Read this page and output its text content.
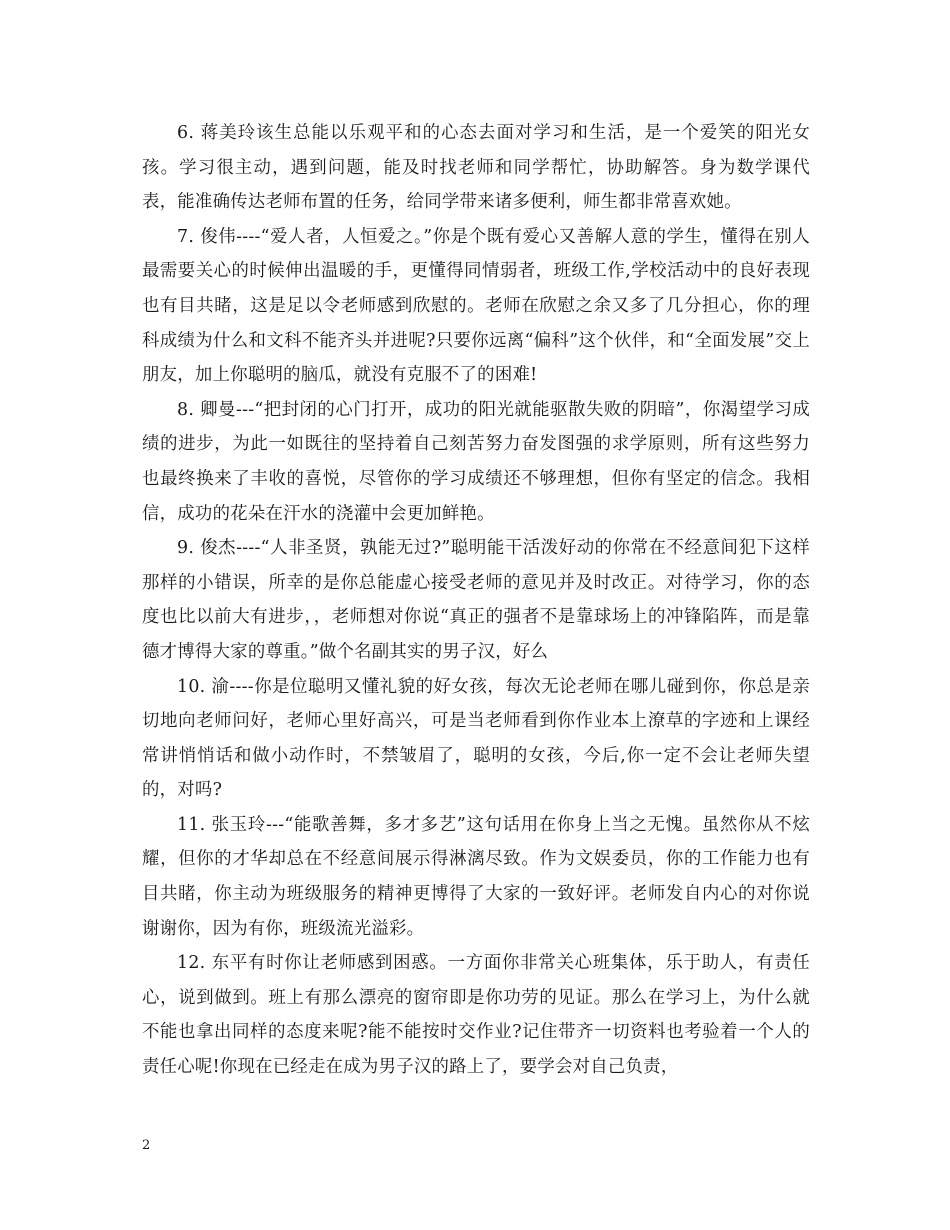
6. 蒋美玲该生总能以乐观平和的心态去面对学习和生活，是一个爱笑的阳光女孩。学习很主动，遇到问题，能及时找老师和同学帮忙，协助解答。身为数学课代表，能准确传达老师布置的任务，给同学带来诸多便利，师生都非常喜欢她。

7. 俊伟----“爱人者，人恒爱之。”你是个既有爱心又善解人意的学生，懂得在别人最需要关心的时候伸出温暖的手，更懂得同情弱者，班级工作,学校活动中的良好表现也有目共睹，这是足以令老师感到欣慰的。老师在欣慰之余又多了几分担心，你的理科成绩为什么和文科不能齐头并进呢?只要你远离“偏科”这个伙伴，和“全面发展”交上朋友，加上你聪明的脑瓜，就没有克服不了的困难!

8. 卿曼---“把封闭的心门打开，成功的阳光就能驱散失败的阴暗”，你渴望学习成绩的进步，为此一如既往的坚持着自己刻苦努力奋发图强的求学原则，所有这些努力也最终换来了丰收的喜悦，尽管你的学习成绩还不够理想，但你有坚定的信念。我相信，成功的花朵在汗水的浇灌中会更加鲜艳。

9. 俊杰----“人非圣贤，孰能无过?”聪明能干活泼好动的你常在不经意间犯下这样那样的小错误，所幸的是你总能虚心接受老师的意见并及时改正。对待学习，你的态度也比以前大有进步，，老师想对你说“真正的强者不是靠球场上的冲锋陷阵，而是靠德才博得大家的尊重。”做个名副其实的男子汉，好么

10. 渝----你是位聪明又懂礼貌的好女孩，每次无论老师在哪儿碰到你，你总是亲切地向老师问好，老师心里好高兴，可是当老师看到你作业本上潦草的字迹和上课经常讲悄悄话和做小动作时，不禁皱眉了，聪明的女孩，今后,你一定不会让老师失望的，对吗?

11. 张玉玲---“能歌善舞，多才多艺”这句话用在你身上当之无愧。虽然你从不炫耀，但你的才华却总在不经意间展示得淋漓尽致。作为文娱委员，你的工作能力也有目共睹，你主动为班级服务的精神更博得了大家的一致好评。老师发自内心的对你说谢谢你，因为有你，班级流光溢彩。

12. 东平有时你让老师感到困惑。一方面你非常关心班集体，乐于助人，有责任心，说到做到。班上有那么漂亮的窗帘即是你功劳的见证。那么在学习上，为什么就不能也拿出同样的态度来呢?能不能按时交作业?记住带齐一切资料也考验着一个人的责任心呢!你现在已经走在成为男子汉的路上了，要学会对自己负责，

2
